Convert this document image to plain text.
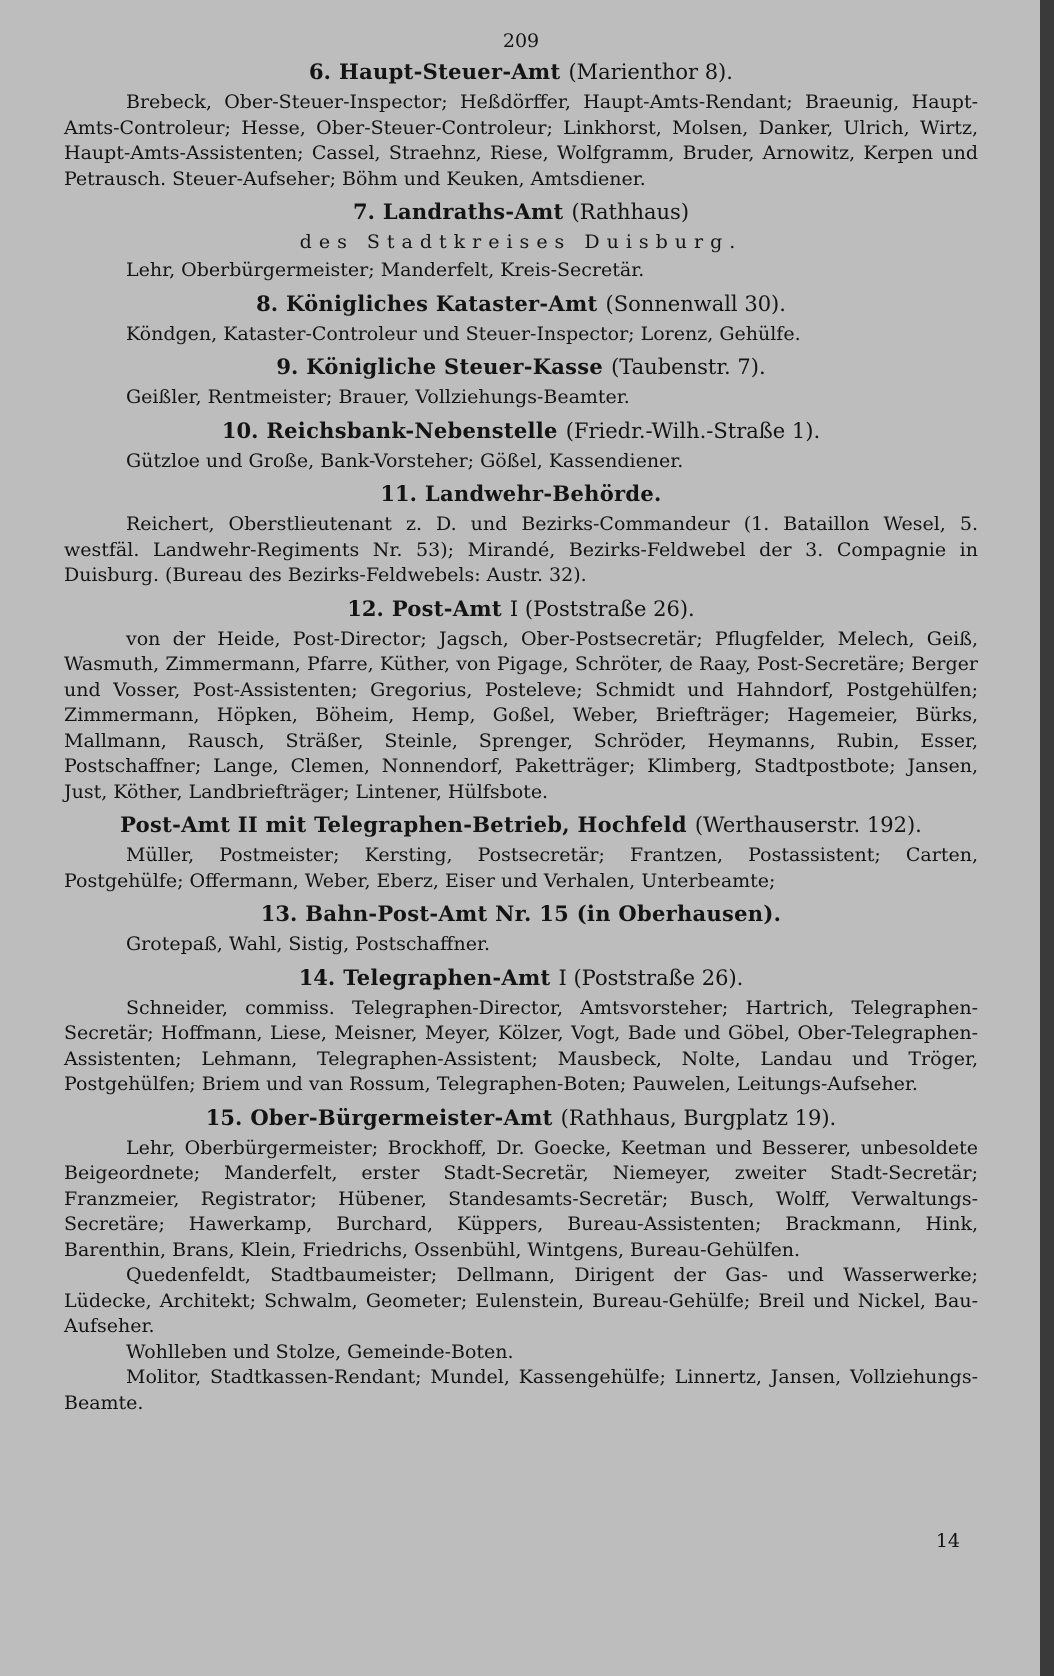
209
6. Haupt-Steuer-Amt (Marienthor 8).

Brebeck, Ober-Steuer-Inspector; Heßdörffer, Haupt-Amts-Rendant; Braeunig, Haupt-Amts-Controleur; Hesse, Ober-Steuer-Controleur; Linkhorst, Molsen, Danker, Ulrich, Wirtz, Haupt-Amts-Assistenten; Cassel, Straehnz, Riese, Wolfgramm, Bruder, Arnowitz, Kerpen und Petrausch. Steuer-Aufseher; Böhm und Keuken, Amtsdiener.

7. Landraths-Amt (Rathhaus)
des Stadtkreises Duisburg.

Lehr, Oberbürgermeister; Manderfelt, Kreis-Secretär.

8. Königliches Kataster-Amt (Sonnenwall 30).

Köndgen, Kataster-Controleur und Steuer-Inspector; Lorenz, Gehülfe.

9. Königliche Steuer-Kasse (Taubenstr. 7).

Geißler, Rentmeister; Brauer, Vollziehungs-Beamter.

10. Reichsbank-Nebenstelle (Friedr.-Wilh.-Straße 1).

Gützloe und Große, Bank-Vorsteher; Gößel, Kassendiener.

11. Landwehr-Behörde.

Reichert, Oberstlieutenant z. D. und Bezirks-Commandeur (1. Bataillon Wesel, 5. westfäl. Landwehr-Regiments Nr. 53); Mirandé, Bezirks-Feldwebel der 3. Compagnie in Duisburg. (Bureau des Bezirks-Feldwebels: Austr. 32).

12. Post-Amt I (Poststraße 26).

von der Heide, Post-Director; Jagsch, Ober-Postsecretär; Pflugfelder, Melech, Geiß, Wasmuth, Zimmermann, Pfarre, Küther, von Pigage, Schröter, de Raay, Post-Secretäre; Berger und Vosser, Post-Assistenten; Gregorius, Posteleve; Schmidt und Hahndorf, Postgehülfen; Zimmermann, Höpken, Böheim, Hemp, Goßel, Weber, Briefträger; Hagemeier, Bürks, Mallmann, Rausch, Sträßer, Steinle, Sprenger, Schröder, Heymanns, Rubin, Esser, Postschaffner; Lange, Clemen, Nonnendorf, Paketträger; Klimberg, Stadtpostbote; Jansen, Just, Köther, Landbriefträger; Lintener, Hülfsbote.

Post-Amt II mit Telegraphen-Betrieb, Hochfeld (Werthauserstr. 192).

Müller, Postmeister; Kersting, Postsecretär; Frantzen, Postassistent; Carten, Postgehülfe; Offermann, Weber, Eberz, Eiser und Verhalen, Unterbeamte;

13. Bahn-Post-Amt Nr. 15 (in Oberhausen).

Grotepaß, Wahl, Sistig, Postschaffner.

14. Telegraphen-Amt I (Poststraße 26).

Schneider, commiss. Telegraphen-Director, Amtsvorsteher; Hartrich, Telegraphen-Secretär; Hoffmann, Liese, Meisner, Meyer, Kölzer, Vogt, Bade und Göbel, Ober-Telegraphen-Assistenten; Lehmann, Telegraphen-Assistent; Mausbeck, Nolte, Landau und Tröger, Postgehülfen; Briem und van Rossum, Telegraphen-Boten; Pauwelen, Leitungs-Aufseher.

15. Ober-Bürgermeister-Amt (Rathhaus, Burgplatz 19).

Lehr, Oberbürgermeister; Brockhoff, Dr. Goecke, Keetman und Besserer, unbesoldete Beigeordnete; Manderfelt, erster Stadt-Secretär, Niemeyer, zweiter Stadt-Secretär; Franzmeier, Registrator; Hübener, Standesamts-Secretär; Busch, Wolff, Verwaltungs-Secretäre; Hawerkamp, Burchard, Küppers, Bureau-Assistenten; Brackmann, Hink, Barenthin, Brans, Klein, Friedrichs, Ossenbühl, Wintgens, Bureau-Gehülfen.

Quedenfeldt, Stadtbaumeister; Dellmann, Dirigent der Gas- und Wasserwerke; Lüdecke, Architekt; Schwalm, Geometer; Eulenstein, Bureau-Gehülfe; Breil und Nickel, Bau-Aufseher.

Wohlleben und Stolze, Gemeinde-Boten.

Molitor, Stadtkassen-Rendant; Mundel, Kassengehülfe; Linnertz, Jansen, Vollziehungs-Beamte.

14
